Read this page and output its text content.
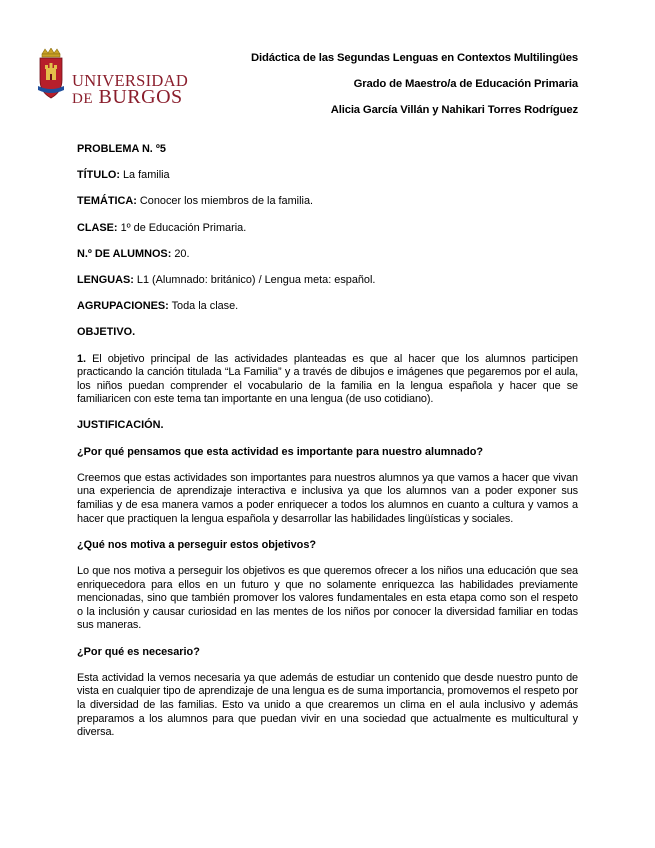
UNIVERSIDAD
DE BURGOS
Didáctica de las Segundas Lenguas en Contextos Multilingües
Grado de Maestro/a de Educación Primaria
Alicia García Villán y Nahikari Torres Rodríguez
PROBLEMA N. º5
TÍTULO: La familia
TEMÁTICA: Conocer los miembros de la familia.
CLASE: 1º de Educación Primaria.
N.º DE ALUMNOS: 20.
LENGUAS: L1 (Alumnado: británico) / Lengua meta: español.
AGRUPACIONES: Toda la clase.
OBJETIVO.
1. El objetivo principal de las actividades planteadas es que al hacer que los alumnos participen practicando la canción titulada “La Familia” y a través de dibujos e imágenes que pegaremos por el aula, los niños puedan comprender el vocabulario de la familia en la lengua española y hacer que se familiaricen con este tema tan importante en una lengua (de uso cotidiano).
JUSTIFICACIÓN.
¿Por qué pensamos que esta actividad es importante para nuestro alumnado?
Creemos que estas actividades son importantes para nuestros alumnos ya que vamos a hacer que vivan una experiencia de aprendizaje interactiva e inclusiva ya que los alumnos van a poder exponer sus familias y de esa manera vamos a poder enriquecer a todos los alumnos en cuanto a cultura y vamos a hacer que practiquen la lengua española y desarrollar las habilidades lingüísticas y sociales.
¿Qué nos motiva a perseguir estos objetivos?
Lo que nos motiva a perseguir los objetivos es que queremos ofrecer a los niños una educación que sea enriquecedora para ellos en un futuro y que no solamente enriquezca las habilidades previamente mencionadas, sino que también promover los valores fundamentales en esta etapa como son el respeto o la inclusión y causar curiosidad en las mentes de los niños por conocer la diversidad familiar en todas sus maneras.
¿Por qué es necesario?
Esta actividad la vemos necesaria ya que además de estudiar un contenido que desde nuestro punto de vista en cualquier tipo de aprendizaje de una lengua es de suma importancia, promovemos el respeto por la diversidad de las familias. Esto va unido a que crearemos un clima en el aula inclusivo y además preparamos a los alumnos para que puedan vivir en una sociedad que actualmente es multicultural y diversa.
